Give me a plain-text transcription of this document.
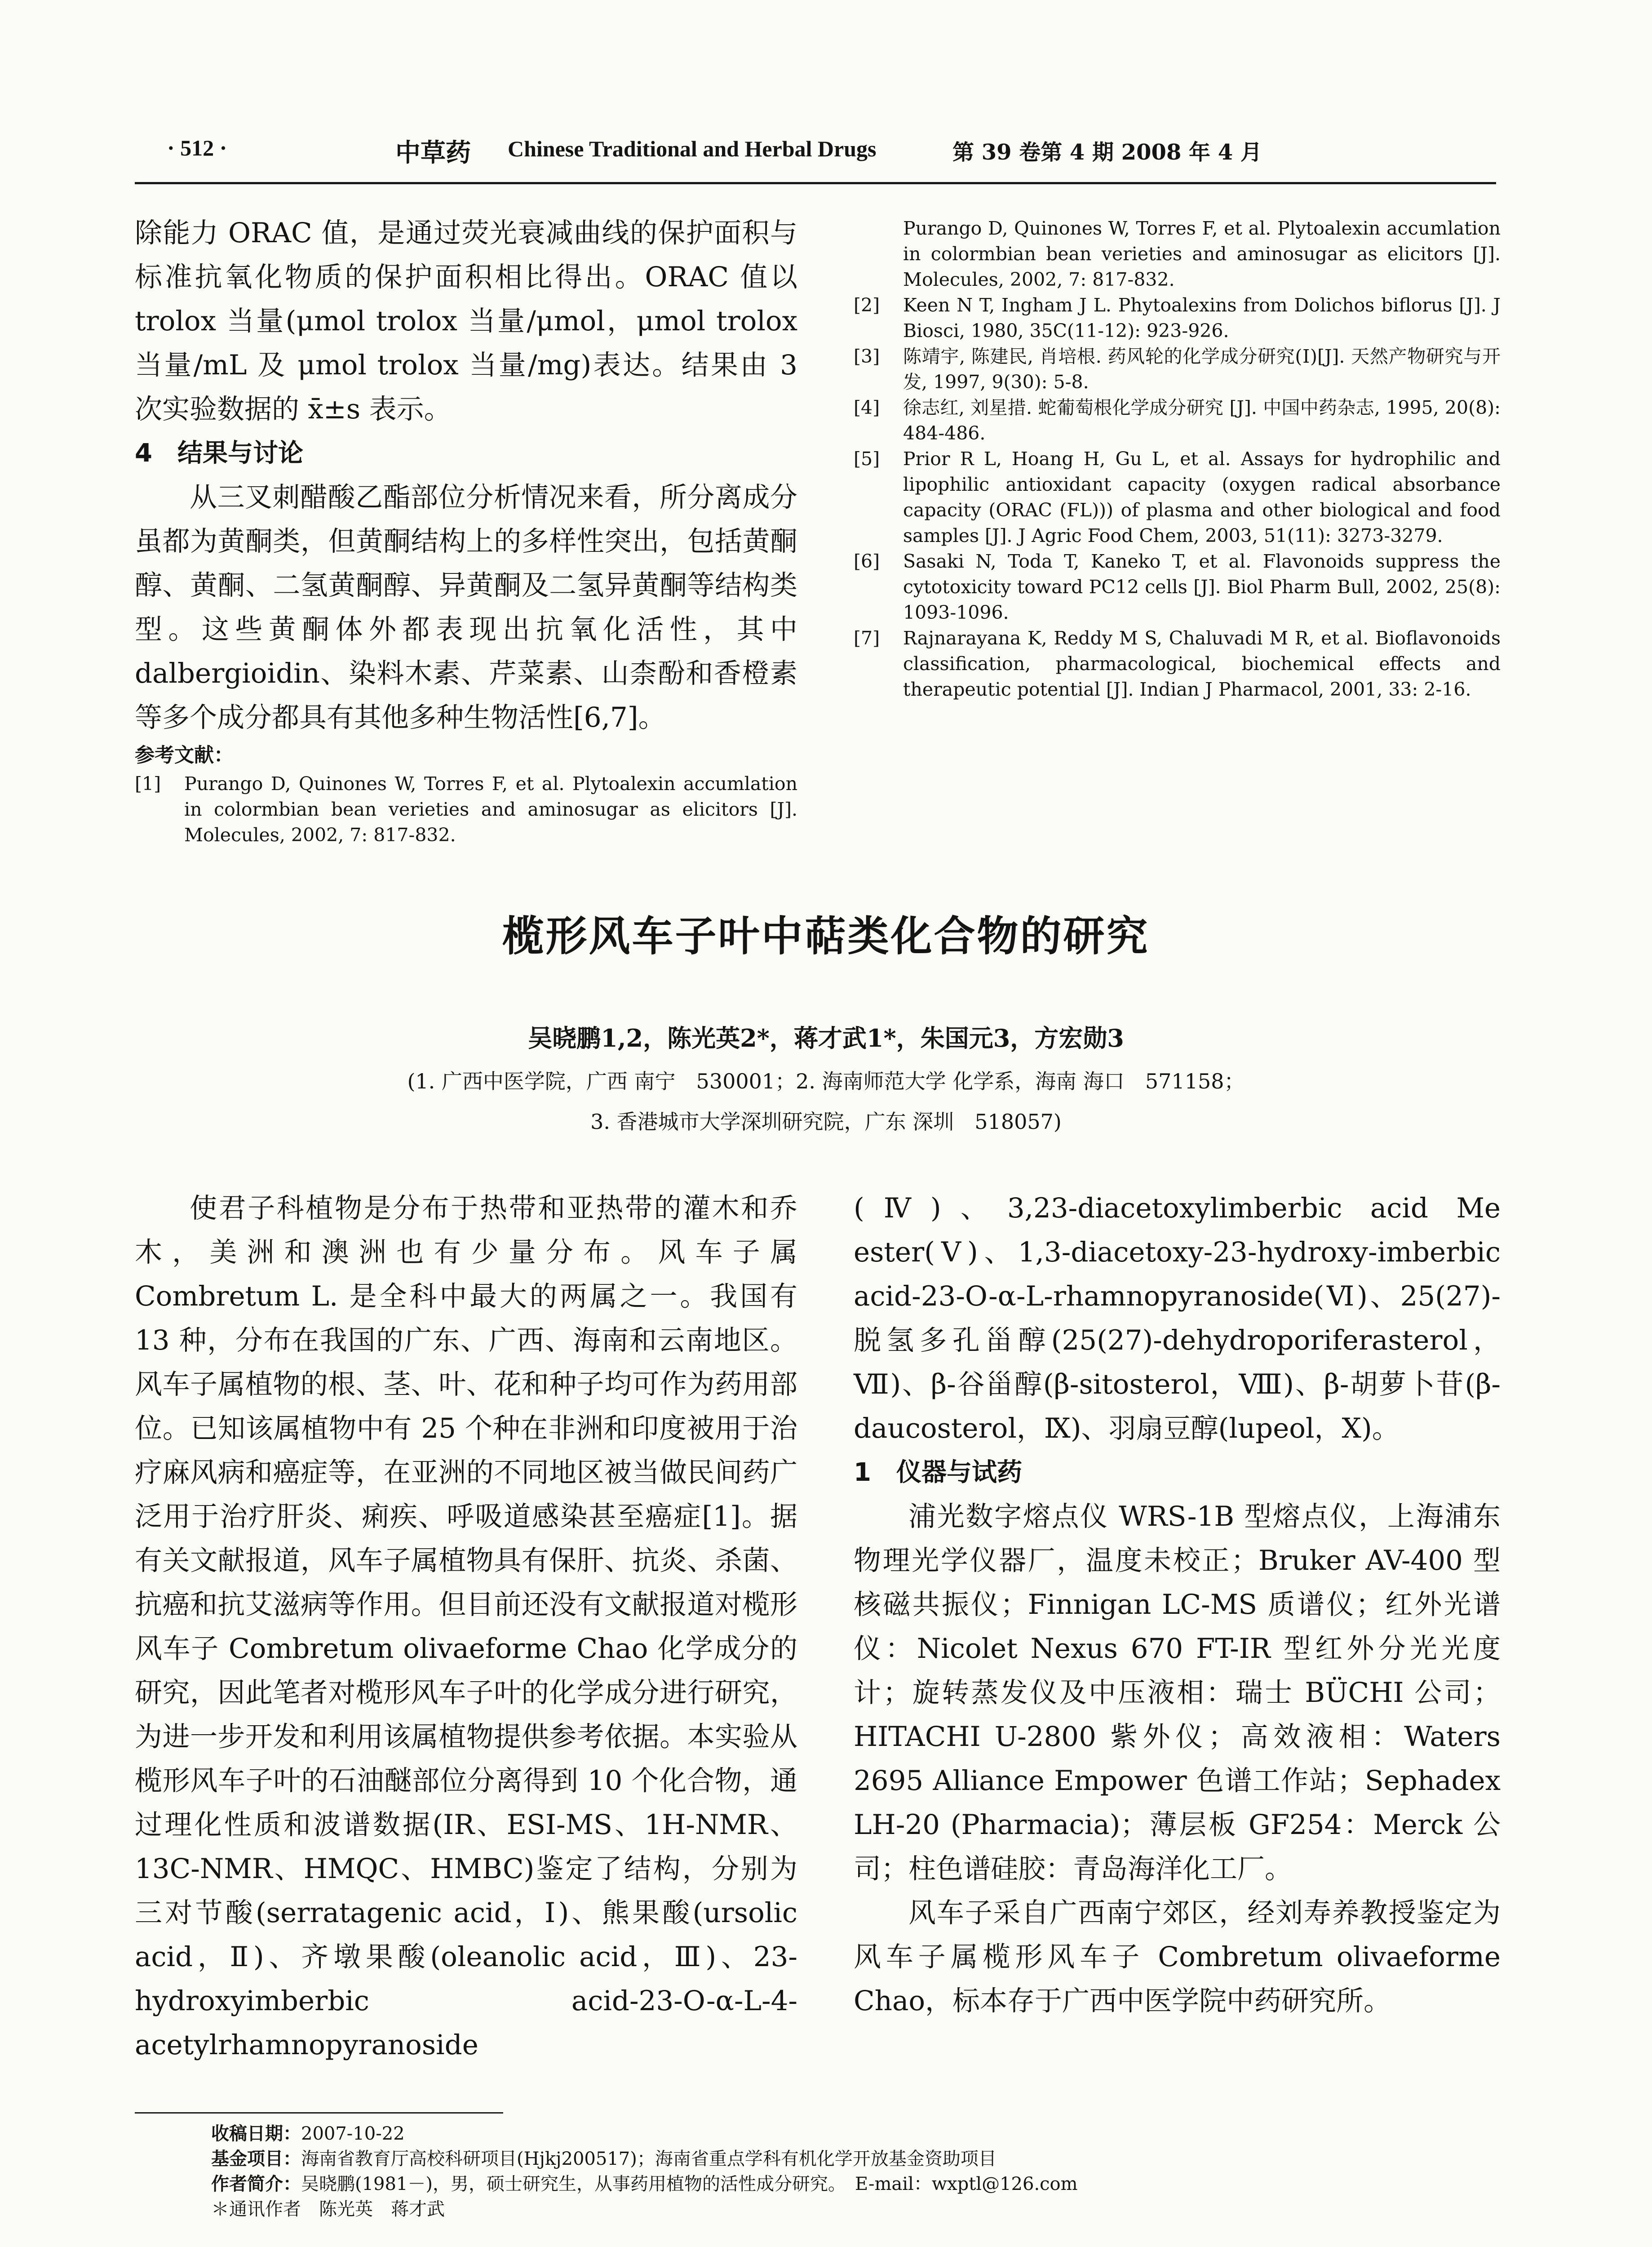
· 512 ·	中草药 Chinese Traditional and Herbal Drugs	第 39 卷第 4 期 2008 年 4 月

除能力 ORAC 值，是通过荧光衰减曲线的保护面积与标准抗氧化物质的保护面积相比得出。ORAC 值以 trolox 当量(μmol trolox 当量/μmol，μmol trolox 当量/mL 及 μmol trolox 当量/mg)表达。结果由 3 次实验数据的 x̄±s 表示。

4　结果与讨论

从三叉刺醋酸乙酯部位分析情况来看，所分离成分虽都为黄酮类，但黄酮结构上的多样性突出，包括黄酮醇、黄酮、二氢黄酮醇、异黄酮及二氢异黄酮等结构类型。这些黄酮体外都表现出抗氧化活性，其中 dalbergioidin、染料木素、芹菜素、山柰酚和香橙素等多个成分都具有其他多种生物活性[6,7]。

参考文献：

[1]	Purango D, Quinones W, Torres F, et al. Plytoalexin accumlation in colormbian bean verieties and aminosugar as elicitors [J]. Molecules, 2002, 7: 817-832.
Purango D, Quinones W, Torres F, et al. Plytoalexin accumlation in colormbian bean verieties and aminosugar as elicitors [J]. Molecules, 2002, 7: 817-832.
[2]	Keen N T, Ingham J L. Phytoalexins from Dolichos biflorus [J]. J Biosci, 1980, 35C(11-12): 923-926.
[3]	陈靖宇, 陈建民, 肖培根. 药风轮的化学成分研究(Ⅰ)[J]. 天然产物研究与开发, 1997, 9(30): 5-8.
[4]	徐志红, 刘星措. 蛇葡萄根化学成分研究 [J]. 中国中药杂志, 1995, 20(8): 484-486.
[5]	Prior R L, Hoang H, Gu L, et al. Assays for hydrophilic and lipophilic antioxidant capacity (oxygen radical absorbance capacity (ORAC (FL))) of plasma and other biological and food samples [J]. J Agric Food Chem, 2003, 51(11): 3273-3279.
[6]	Sasaki N, Toda T, Kaneko T, et al. Flavonoids suppress the cytotoxicity toward PC12 cells [J]. Biol Pharm Bull, 2002, 25(8): 1093-1096.
[7]	Rajnarayana K, Reddy M S, Chaluvadi M R, et al. Bioflavonoids classification, pharmacological, biochemical effects and therapeutic potential [J]. Indian J Pharmacol, 2001, 33: 2-16.
榄形风车子叶中萜类化合物的研究
吴晓鹏1,2，陈光英2*，蒋才武1*，朱国元3，方宏勋3
(1. 广西中医学院，广西 南宁　530001；2. 海南师范大学 化学系，海南 海口　571158；
3. 香港城市大学深圳研究院，广东 深圳　518057)

使君子科植物是分布于热带和亚热带的灌木和乔木，美洲和澳洲也有少量分布。风车子属 Combretum L. 是全科中最大的两属之一。我国有 13 种，分布在我国的广东、广西、海南和云南地区。风车子属植物的根、茎、叶、花和种子均可作为药用部位。已知该属植物中有 25 个种在非洲和印度被用于治疗麻风病和癌症等，在亚洲的不同地区被当做民间药广泛用于治疗肝炎、痢疾、呼吸道感染甚至癌症[1]。据有关文献报道，风车子属植物具有保肝、抗炎、杀菌、抗癌和抗艾滋病等作用。但目前还没有文献报道对榄形风车子 Combretum olivaeforme Chao 化学成分的研究，因此笔者对榄形风车子叶的化学成分进行研究，为进一步开发和利用该属植物提供参考依据。本实验从榄形风车子叶的石油醚部位分离得到 10 个化合物，通过理化性质和波谱数据(IR、ESI-MS、1H-NMR、13C-NMR、HMQC、HMBC)鉴定了结构，分别为三对节酸(serratagenic acid，Ⅰ)、熊果酸(ursolic acid，Ⅱ)、齐墩果酸(oleanolic acid，Ⅲ)、23-hydroxyimberbic acid-23-O-α-L-4-acetylrhamnopyranoside

(Ⅳ)、3,23-diacetoxylimberbic acid Me ester(Ⅴ)、1,3-diacetoxy-23-hydroxy-imberbic acid-23-O-α-L-rhamnopyranoside(Ⅵ)、25(27)-脱氢多孔甾醇(25(27)-dehydroporiferasterol，Ⅶ)、β-谷甾醇(β-sitosterol，Ⅷ)、β-胡萝卜苷(β-daucosterol，Ⅸ)、羽扇豆醇(lupeol，Ⅹ)。

1　仪器与试药

浦光数字熔点仪 WRS-1B 型熔点仪，上海浦东物理光学仪器厂，温度未校正；Bruker AV-400 型核磁共振仪；Finnigan LC-MS 质谱仪；红外光谱仪：Nicolet Nexus 670 FT-IR 型红外分光光度计；旋转蒸发仪及中压液相：瑞士 BÜCHI 公司；HITACHI U-2800 紫外仪；高效液相：Waters 2695 Alliance Empower 色谱工作站；Sephadex LH-20 (Pharmacia)；薄层板 GF254：Merck 公司；柱色谱硅胶：青岛海洋化工厂。

风车子采自广西南宁郊区，经刘寿养教授鉴定为风车子属榄形风车子 Combretum olivaeforme Chao，标本存于广西中医学院中药研究所。

收稿日期：2007-10-22

基金项目：海南省教育厅高校科研项目(Hjkj200517)；海南省重点学科有机化学开放基金资助项目

作者简介：吴晓鹏(1981－)，男，硕士研究生，从事药用植物的活性成分研究。　E-mail：wxptl@126.com

＊通讯作者　陈光英　蒋才武
